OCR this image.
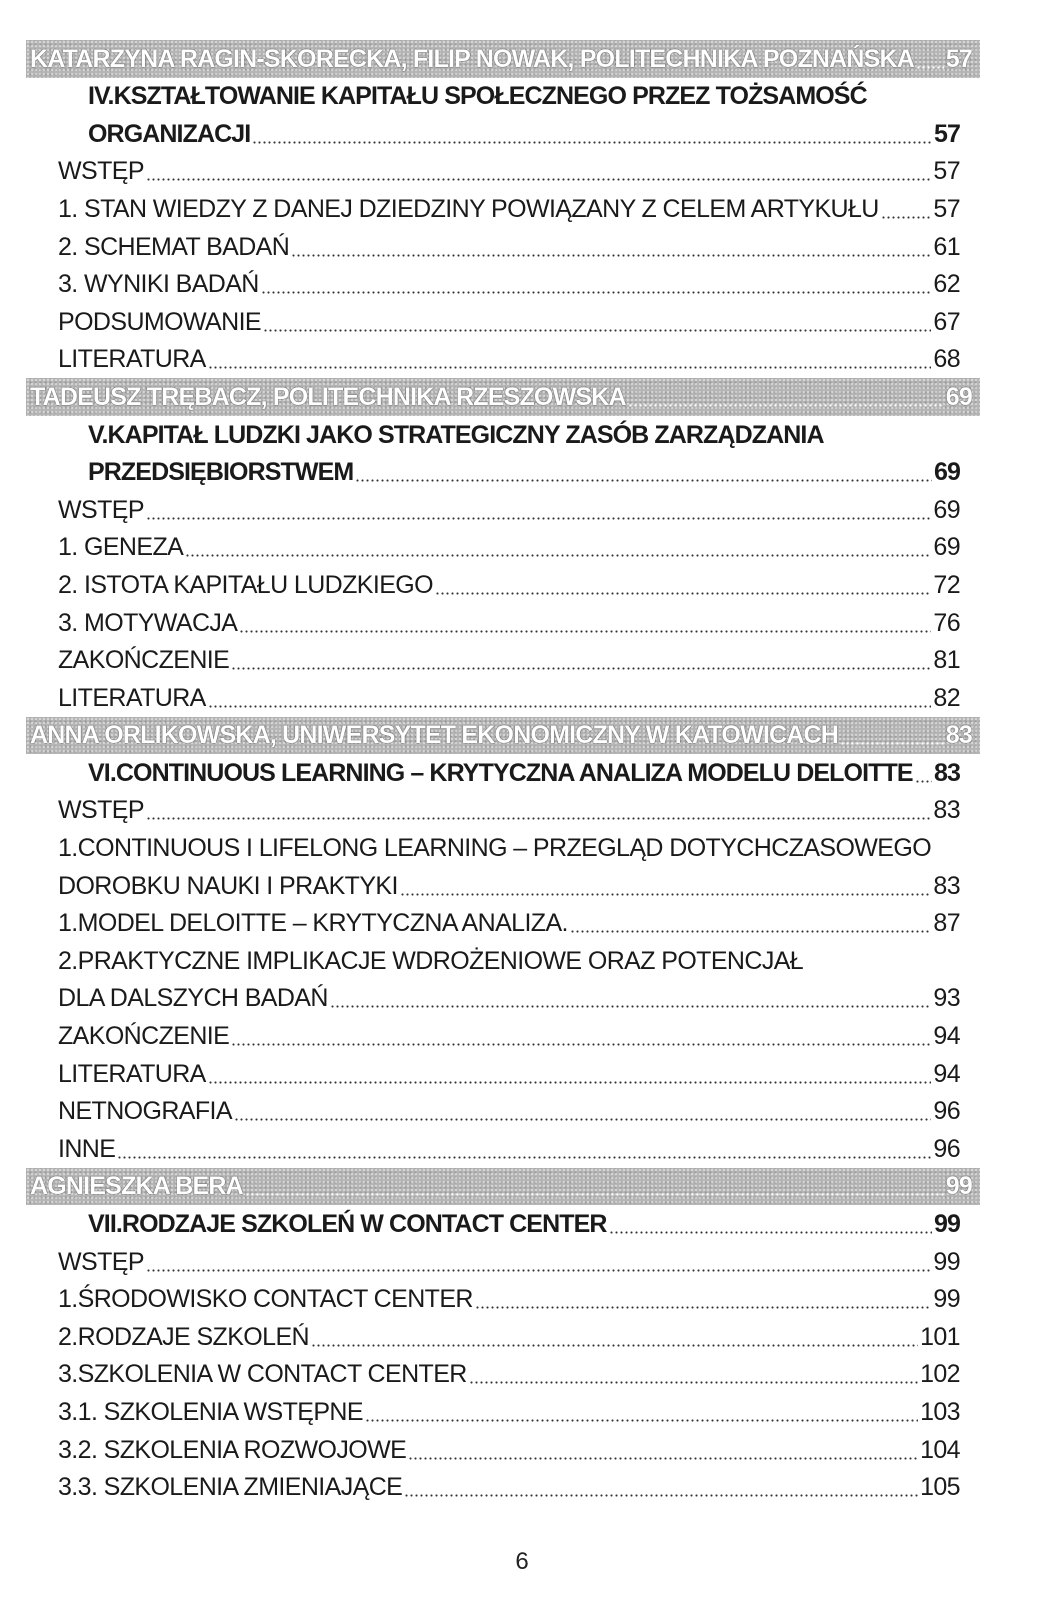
KATARZYNA RAGIN-SKORECKA, FILIP NOWAK, POLITECHNIKA POZNAŃSKA 57
IV.KSZTAŁTOWANIE KAPITAŁU SPOŁECZNEGO PRZEZ TOŻSAMOŚĆ
ORGANIZACJI	57
WSTĘP	57
1. STAN WIEDZY Z DANEJ DZIEDZINY POWIĄZANY Z CELEM ARTYKUŁU 57
2. SCHEMAT BADAŃ	61
3. WYNIKI BADAŃ	62
PODSUMOWANIE	67
LITERATURA	68
TADEUSZ TRĘBACZ, POLITECHNIKA RZESZOWSKA	69
V.KAPITAŁ LUDZKI JAKO STRATEGICZNY ZASÓB ZARZĄDZANIA
PRZEDSIĘBIORSTWEM	69
WSTĘP	69
1. GENEZA	69
2. ISTOTA KAPITAŁU LUDZKIEGO	72
3. MOTYWACJA	76
ZAKOŃCZENIE	81
LITERATURA	82
ANNA ORLIKOWSKA, UNIWERSYTET EKONOMICZNY W KATOWICACH	83
VI.CONTINUOUS LEARNING – KRYTYCZNA ANALIZA MODELU DELOITTE 83
WSTĘP	83
1.CONTINUOUS I LIFELONG LEARNING – PRZEGLĄD DOTYCHCZASOWEGO
DOROBKU NAUKI I PRAKTYKI	83
1.MODEL DELOITTE – KRYTYCZNA ANALIZA.	87
2.PRAKTYCZNE IMPLIKACJE WDROŻENIOWE ORAZ POTENCJAŁ
DLA DALSZYCH BADAŃ	93
ZAKOŃCZENIE	94
LITERATURA	94
NETNOGRAFIA	96
INNE	96
AGNIESZKA BERA	99
VII.RODZAJE SZKOLEŃ W CONTACT CENTER	99
WSTĘP	99
1.ŚRODOWISKO CONTACT CENTER	99
2.RODZAJE SZKOLEŃ	101
3.SZKOLENIA W CONTACT CENTER	102
3.1. SZKOLENIA WSTĘPNE	103
3.2. SZKOLENIA ROZWOJOWE	104
3.3. SZKOLENIA ZMIENIAJĄCE	105
6
